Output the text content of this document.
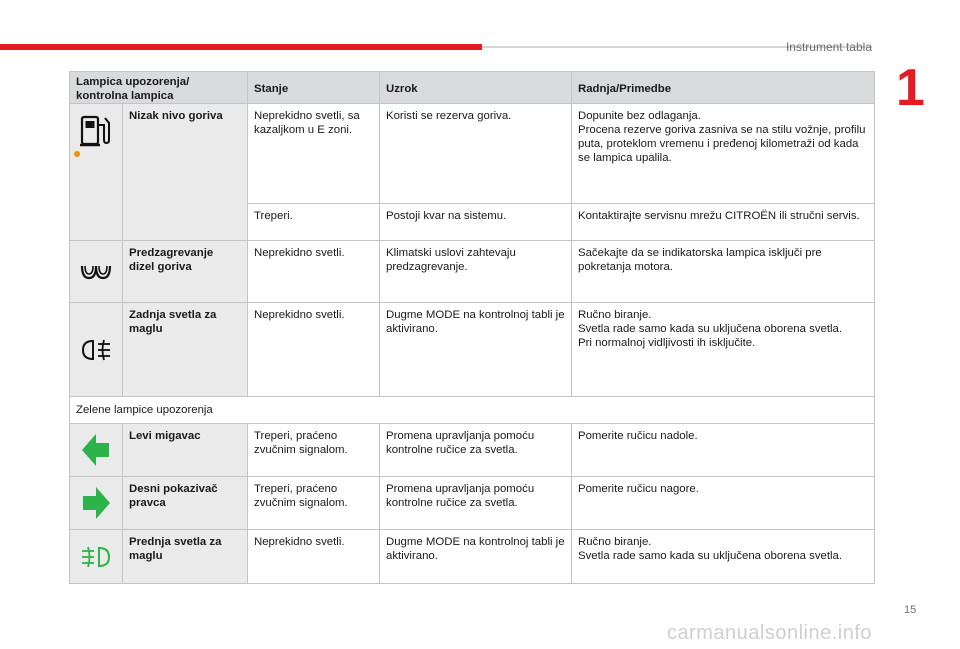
Instrument tabla
1
Lampica upozorenja/ kontrolna lampica		Stanje	Uzrok	Radnja/Primedbe

	Nizak nivo goriva	Neprekidno svetli, sa kazaljkom u E zoni.	Koristi se rezerva goriva.	Dopunite bez odlaganja.
Procena rezerve goriva zasniva se na stilu vožnje, profilu puta, proteklom vremenu i pređenoj kilometraži od kada se lampica upalila.
		Treperi.	Postoji kvar na sistemu.	Kontaktirajte servisnu mrežu CITROËN ili stručni servis.

	Predzagrevanje dizel goriva	Neprekidno svetli.	Klimatski uslovi zahtevaju predzagrevanje.	Sačekajte da se indikatorska lampica isključi pre pokretanja motora.

	Zadnja svetla za maglu	Neprekidno svetli.	Dugme MODE na kontrolnoj tabli je aktivirano.	Ručno biranje.
Svetla rade samo kada su uključena oborena svetla.
Pri normalnoj vidljivosti ih isključite.
Zelene lampice upozorenja				

	Levi migavac	Treperi, praćeno zvučnim signalom.	Promena upravljanja pomoću kontrolne ručice za svetla.	Pomerite ručicu nadole.

	Desni pokazivač pravca	Treperi, praćeno zvučnim signalom.	Promena upravljanja pomoću kontrolne ručice za svetla.	Pomerite ručicu nagore.

	Prednja svetla za maglu	Neprekidno svetli.	Dugme MODE na kontrolnoj tabli je aktivirano.	Ručno biranje.
Svetla rade samo kada su uključena oborena svetla.
15
carmanualsonline.info
